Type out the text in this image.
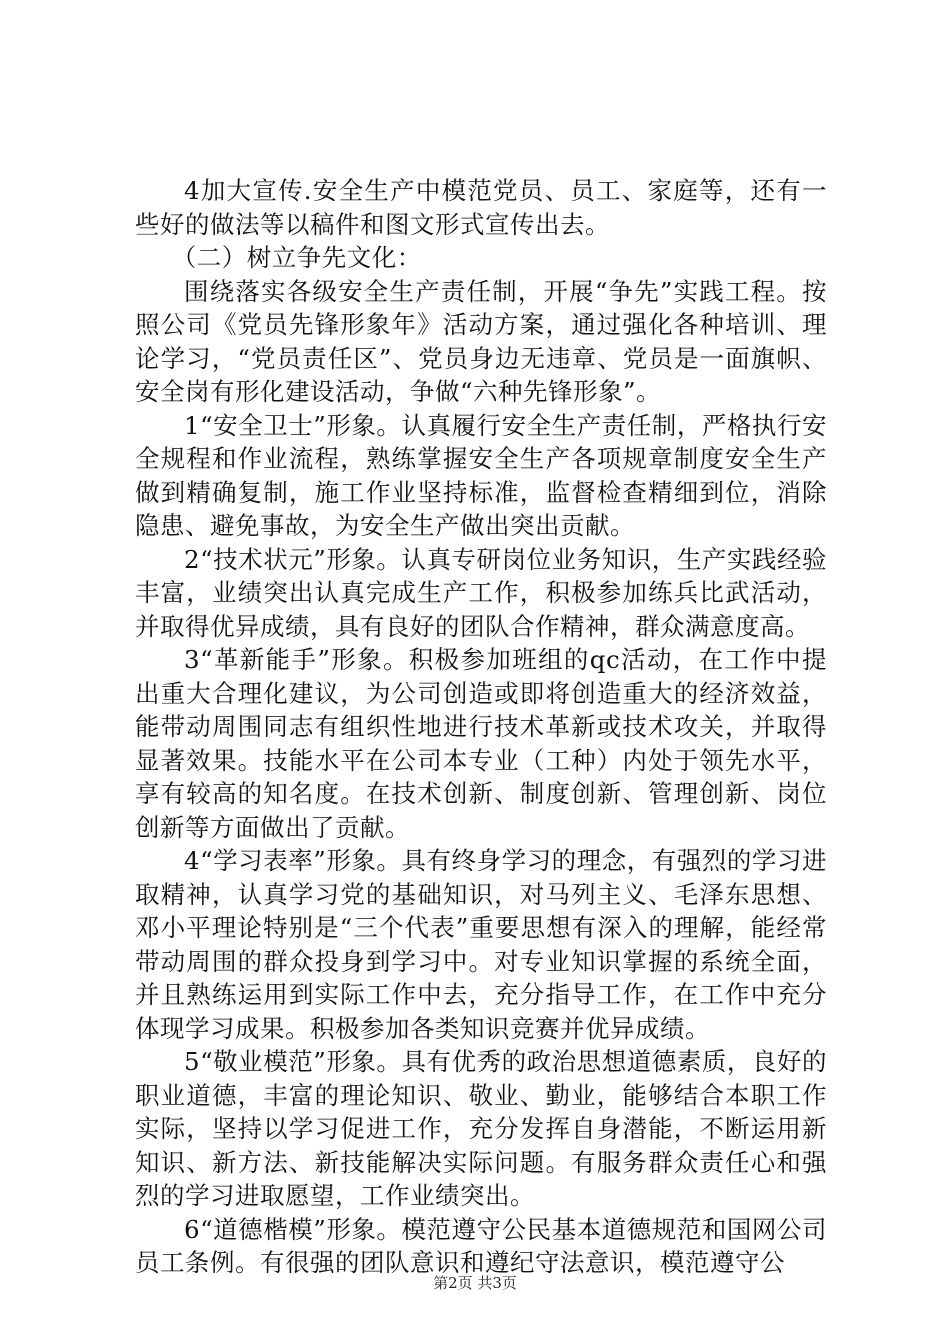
4加大宣传.安全生产中模范党员、员工、家庭等，还有一些好的做法等以稿件和图文形式宣传出去。

（二）树立争先文化：

围绕落实各级安全生产责任制，开展“争先”实践工程。按照公司《党员先锋形象年》活动方案，通过强化各种培训、理论学习，“党员责任区”、党员身边无违章、党员是一面旗帜、安全岗有形化建设活动，争做“六种先锋形象”。

1“安全卫士”形象。认真履行安全生产责任制，严格执行安全规程和作业流程，熟练掌握安全生产各项规章制度安全生产做到精确复制，施工作业坚持标准，监督检查精细到位，消除隐患、避免事故，为安全生产做出突出贡献。

2“技术状元”形象。认真专研岗位业务知识，生产实践经验丰富，业绩突出认真完成生产工作，积极参加练兵比武活动，并取得优异成绩，具有良好的团队合作精神，群众满意度高。

3“革新能手”形象。积极参加班组的qc活动，在工作中提出重大合理化建议，为公司创造或即将创造重大的经济效益，能带动周围同志有组织性地进行技术革新或技术攻关，并取得显著效果。技能水平在公司本专业（工种）内处于领先水平，享有较高的知名度。在技术创新、制度创新、管理创新、岗位创新等方面做出了贡献。

4“学习表率”形象。具有终身学习的理念，有强烈的学习进取精神，认真学习党的基础知识，对马列主义、毛泽东思想、邓小平理论特别是“三个代表”重要思想有深入的理解，能经常带动周围的群众投身到学习中。对专业知识掌握的系统全面，并且熟练运用到实际工作中去，充分指导工作，在工作中充分体现学习成果。积极参加各类知识竞赛并优异成绩。

5“敬业模范”形象。具有优秀的政治思想道德素质，良好的职业道德，丰富的理论知识、敬业、勤业，能够结合本职工作实际，坚持以学习促进工作，充分发挥自身潜能，不断运用新知识、新方法、新技能解决实际问题。有服务群众责任心和强烈的学习进取愿望，工作业绩突出。

6“道德楷模”形象。模范遵守公民基本道德规范和国网公司员工条例。有很强的团队意识和遵纪守法意识，模范遵守公

第2页 共3页
